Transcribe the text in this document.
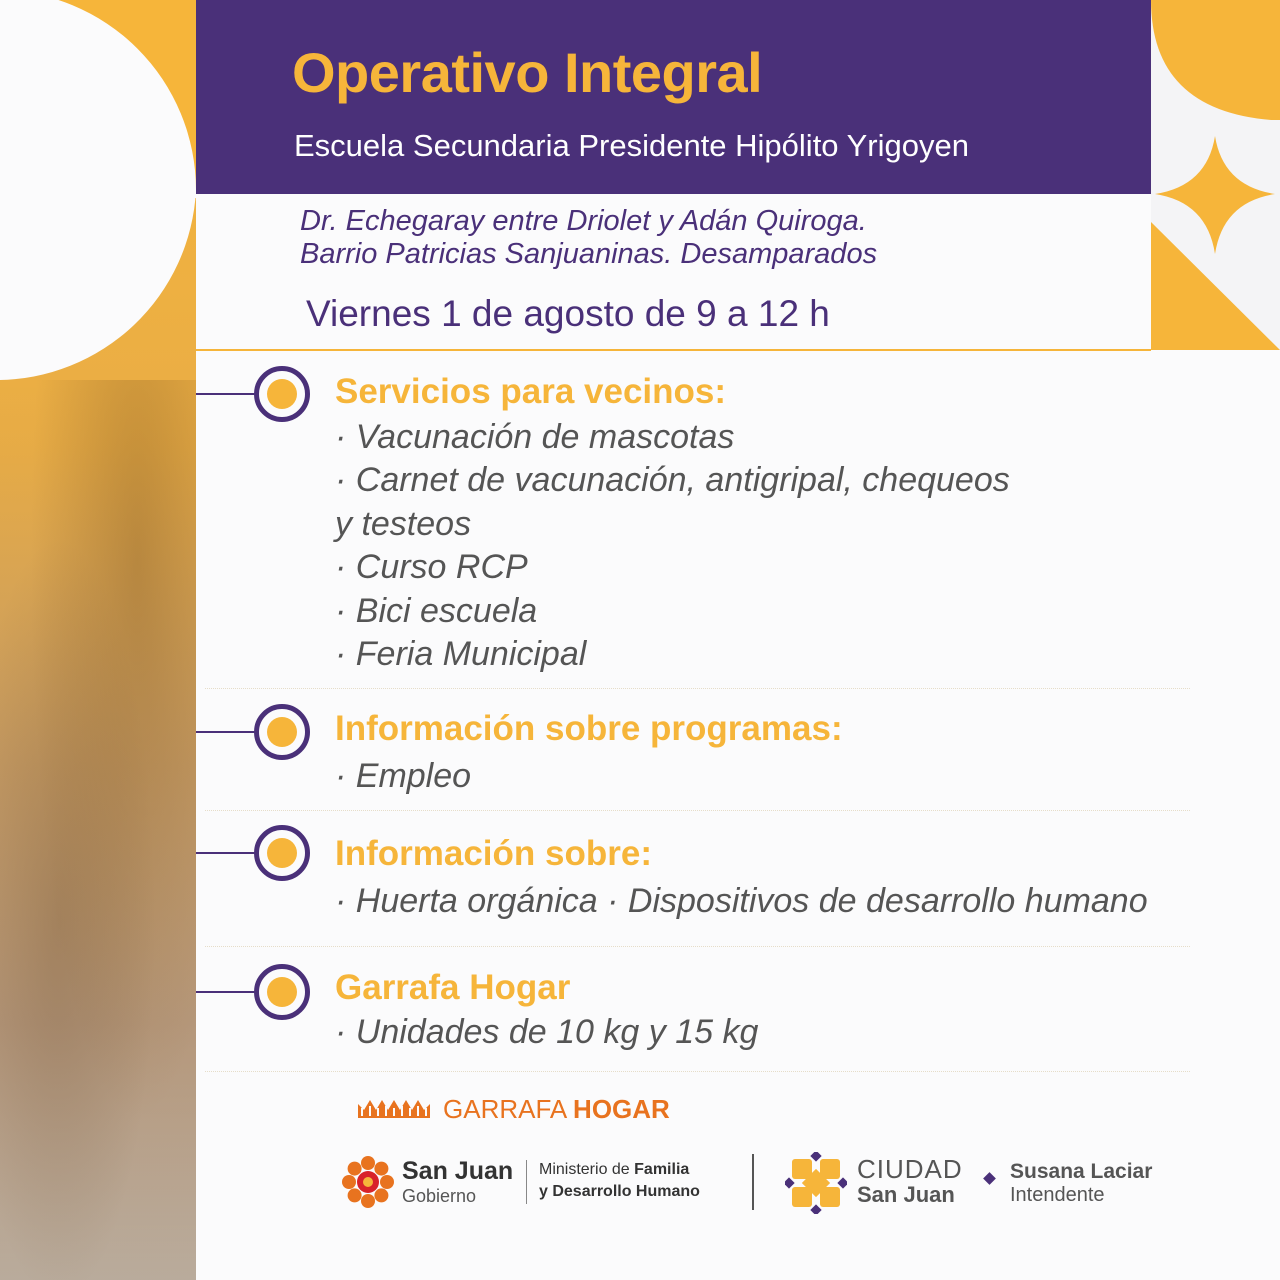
Operativo Integral
Escuela Secundaria Presidente Hipólito Yrigoyen
Dr. Echegaray entre Driolet y Adán Quiroga.
Barrio Patricias Sanjuaninas. Desamparados
Viernes 1 de agosto de 9 a 12 h
Servicios para vecinos:
· Vacunación de mascotas
· Carnet de vacunación, antigripal, chequeos
y testeos
· Curso RCP
· Bici escuela
· Feria Municipal
Información sobre programas:
· Empleo
Información sobre:
· Huerta orgánica · Dispositivos de desarrollo humano
Garrafa Hogar
· Unidades de 10 kg y 15 kg
GARRAFA HOGAR
San Juan
Gobierno
Ministerio de Familia
y Desarrollo Humano
CIUDAD
San Juan
Susana Laciar
Intendente
